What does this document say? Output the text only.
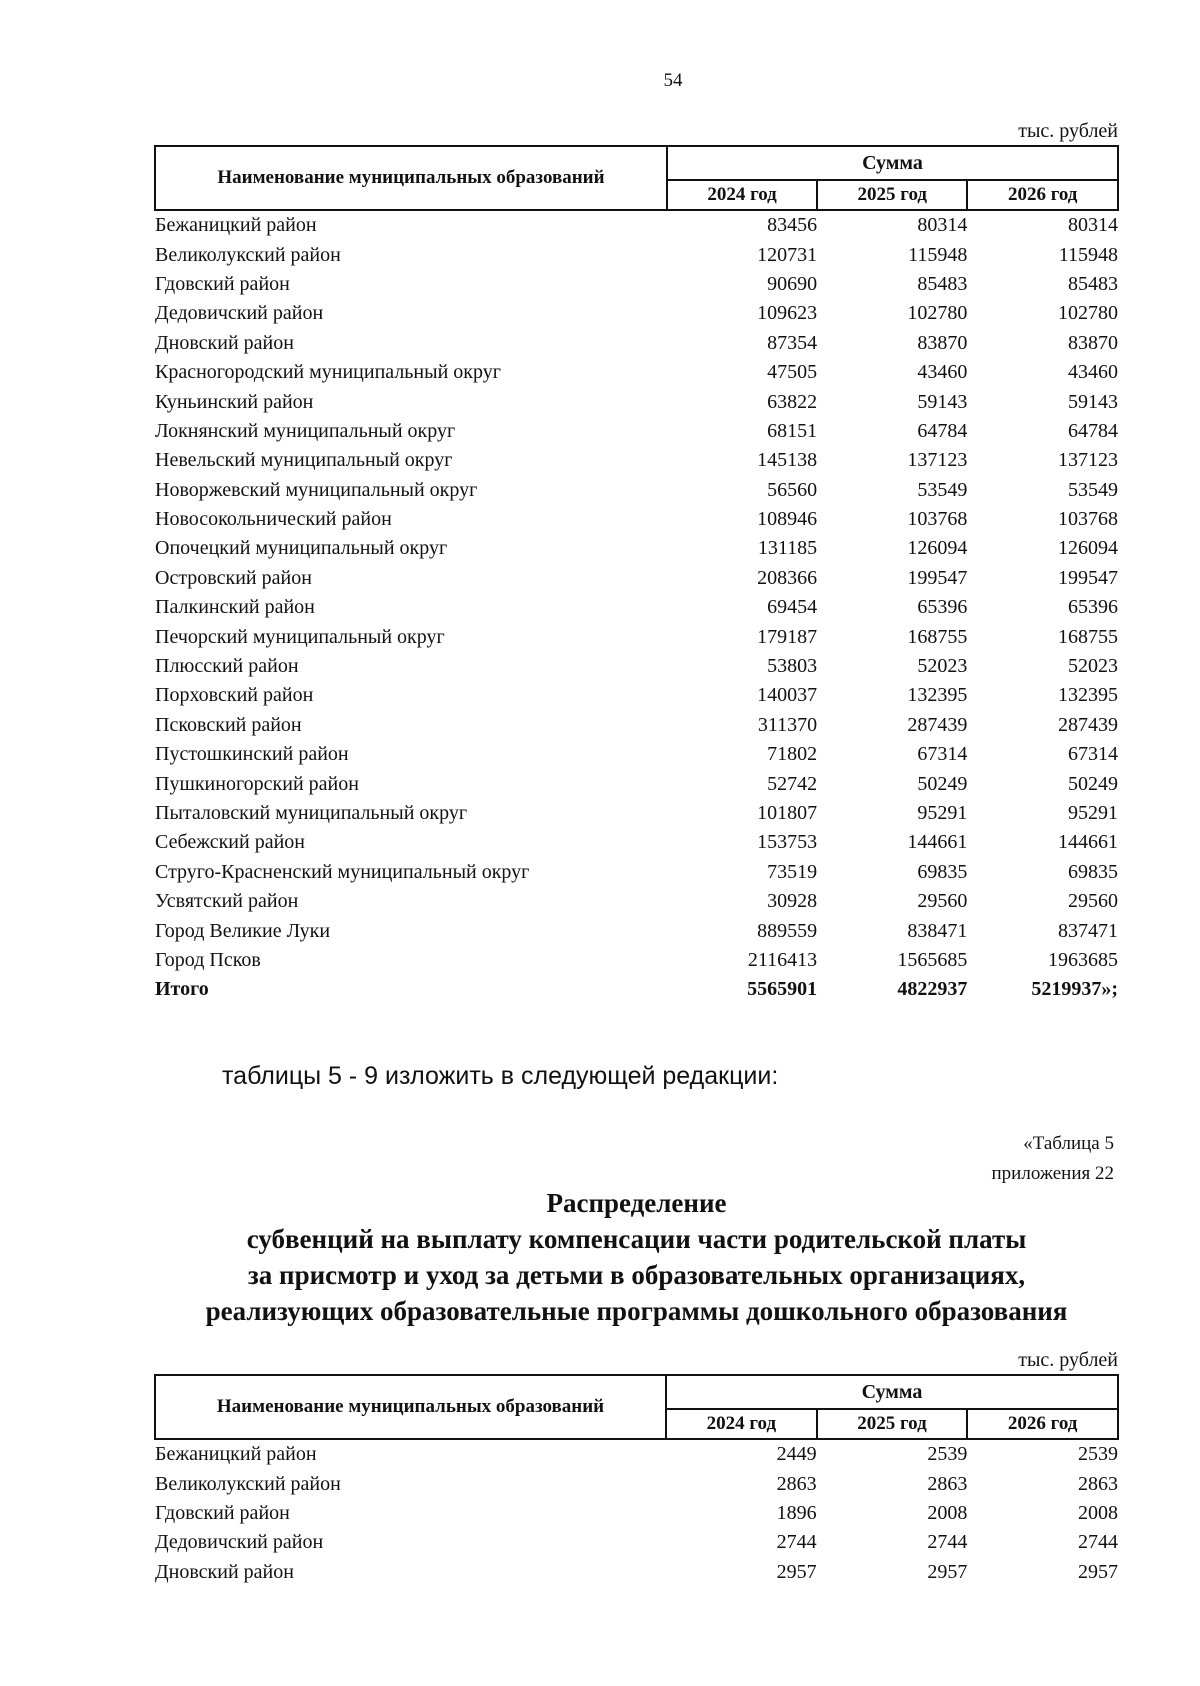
54
тыс. рублей
Наименование муниципальных образований	Сумма		
	2024 год	2025 год	2026 год
Бежаницкий район	83456	80314	80314
Великолукский район	120731	115948	115948
Гдовский район	90690	85483	85483
Дедовичский район	109623	102780	102780
Дновский район	87354	83870	83870
Красногородский муниципальный округ	47505	43460	43460
Куньинский район	63822	59143	59143
Локнянский муниципальный округ	68151	64784	64784
Невельский муниципальный округ	145138	137123	137123
Новоржевский муниципальный округ	56560	53549	53549
Новосокольнический район	108946	103768	103768
Опочецкий муниципальный округ	131185	126094	126094
Островский район	208366	199547	199547
Палкинский район	69454	65396	65396
Печорский муниципальный округ	179187	168755	168755
Плюсский район	53803	52023	52023
Порховский район	140037	132395	132395
Псковский район	311370	287439	287439
Пустошкинский район	71802	67314	67314
Пушкиногорский район	52742	50249	50249
Пыталовский муниципальный округ	101807	95291	95291
Себежский район	153753	144661	144661
Струго-Красненский муниципальный округ	73519	69835	69835
Усвятский район	30928	29560	29560
Город Великие Луки	889559	838471	837471
Город Псков	2116413	1565685	1963685
Итого	5565901	4822937	5219937»;
таблицы 5 - 9 изложить в следующей редакции:
«Таблица 5
приложения 22
Распределение
субвенций на выплату компенсации части родительской платы
за присмотр и уход за детьми в образовательных организациях,
реализующих образовательные программы дошкольного образования
тыс. рублей
Наименование муниципальных образований	Сумма		
	2024 год	2025 год	2026 год
Бежаницкий район	2449	2539	2539
Великолукский район	2863	2863	2863
Гдовский район	1896	2008	2008
Дедовичский район	2744	2744	2744
Дновский район	2957	2957	2957
